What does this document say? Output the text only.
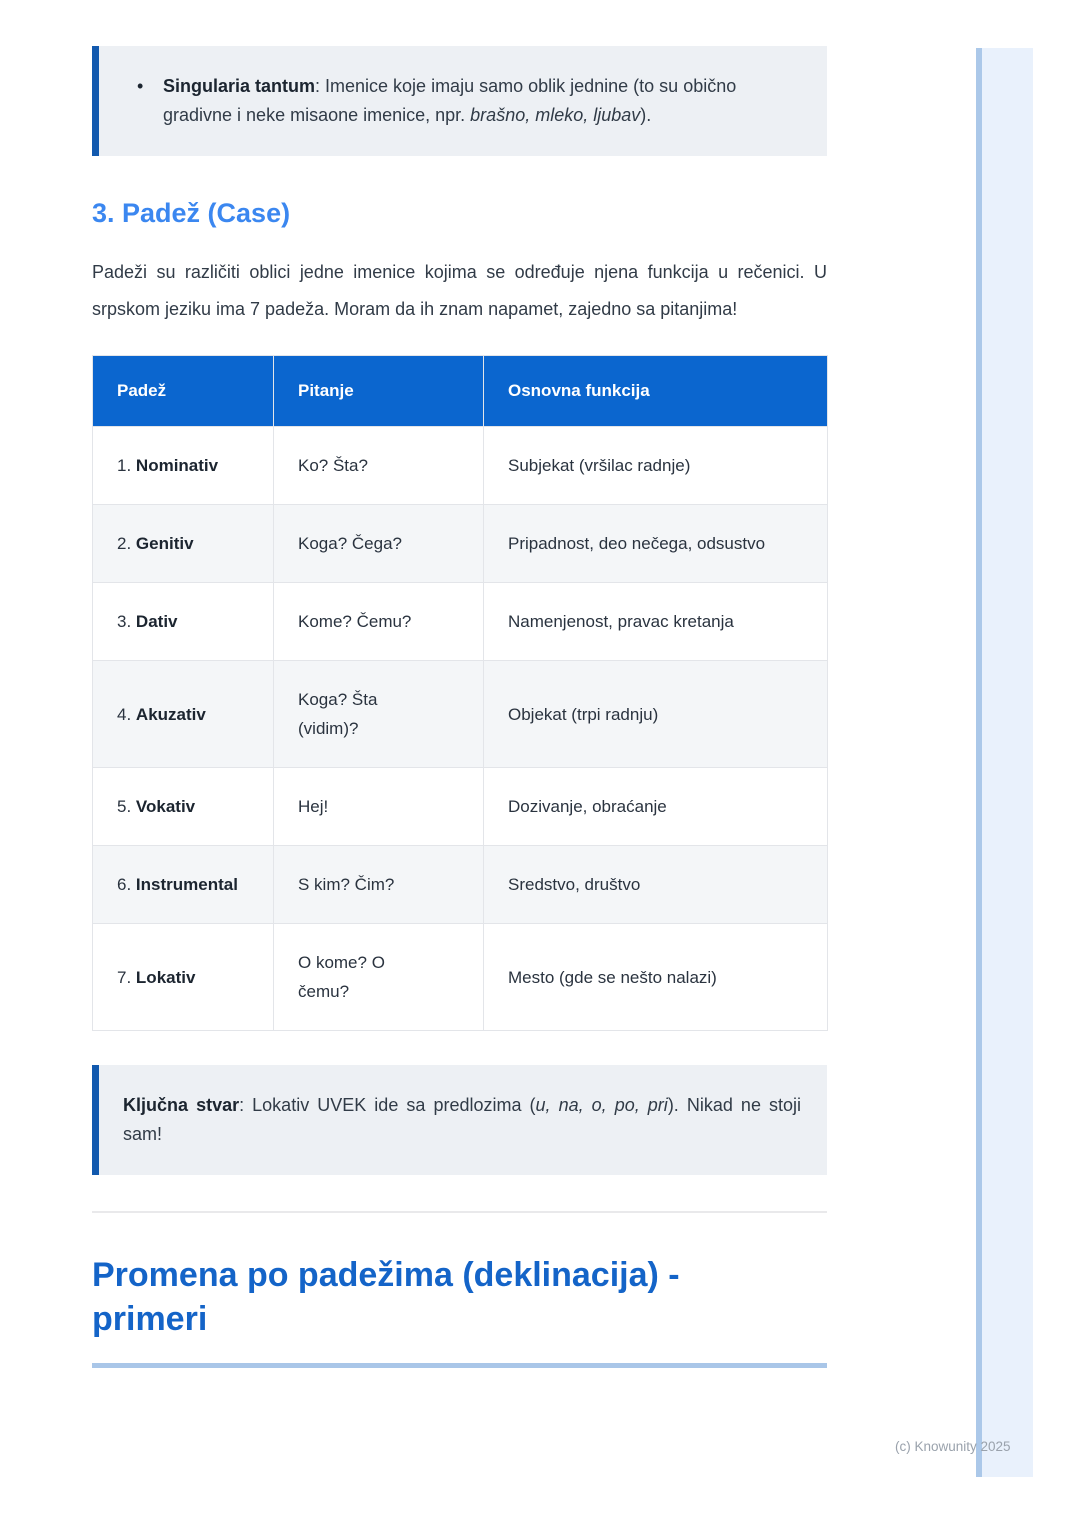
(c) Knowunity 2025
•	Singularia tantum: Imenice koje imaju samo oblik jednine (to su obično gradivne i neke misaone imenice, npr. brašno, mleko, ljubav).
3. Padež (Case)
Padeži su različiti oblici jedne imenice kojima se određuje njena funkcija u rečenici. U srpskom jeziku ima 7 padeža. Moram da ih znam napamet, zajedno sa pitanjima!
Padež	Pitanje	Osnovna funkcija
1. Nominativ	Ko? Šta?	Subjekat (vršilac radnje)
2. Genitiv	Koga? Čega?	Pripadnost, deo nečega, odsustvo
3. Dativ	Kome? Čemu?	Namenjenost, pravac kretanja
4. Akuzativ	Koga? Šta (vidim)?	Objekat (trpi radnju)
5. Vokativ	Hej!	Dozivanje, obraćanje
6. Instrumental	S kim? Čim?	Sredstvo, društvo
7. Lokativ	O kome? O čemu?	Mesto (gde se nešto nalazi)
Ključna stvar: Lokativ UVEK ide sa predlozima (u, na, o, po, pri). Nikad ne stoji sam!
Promena po padežima (deklinacija) -
primeri
